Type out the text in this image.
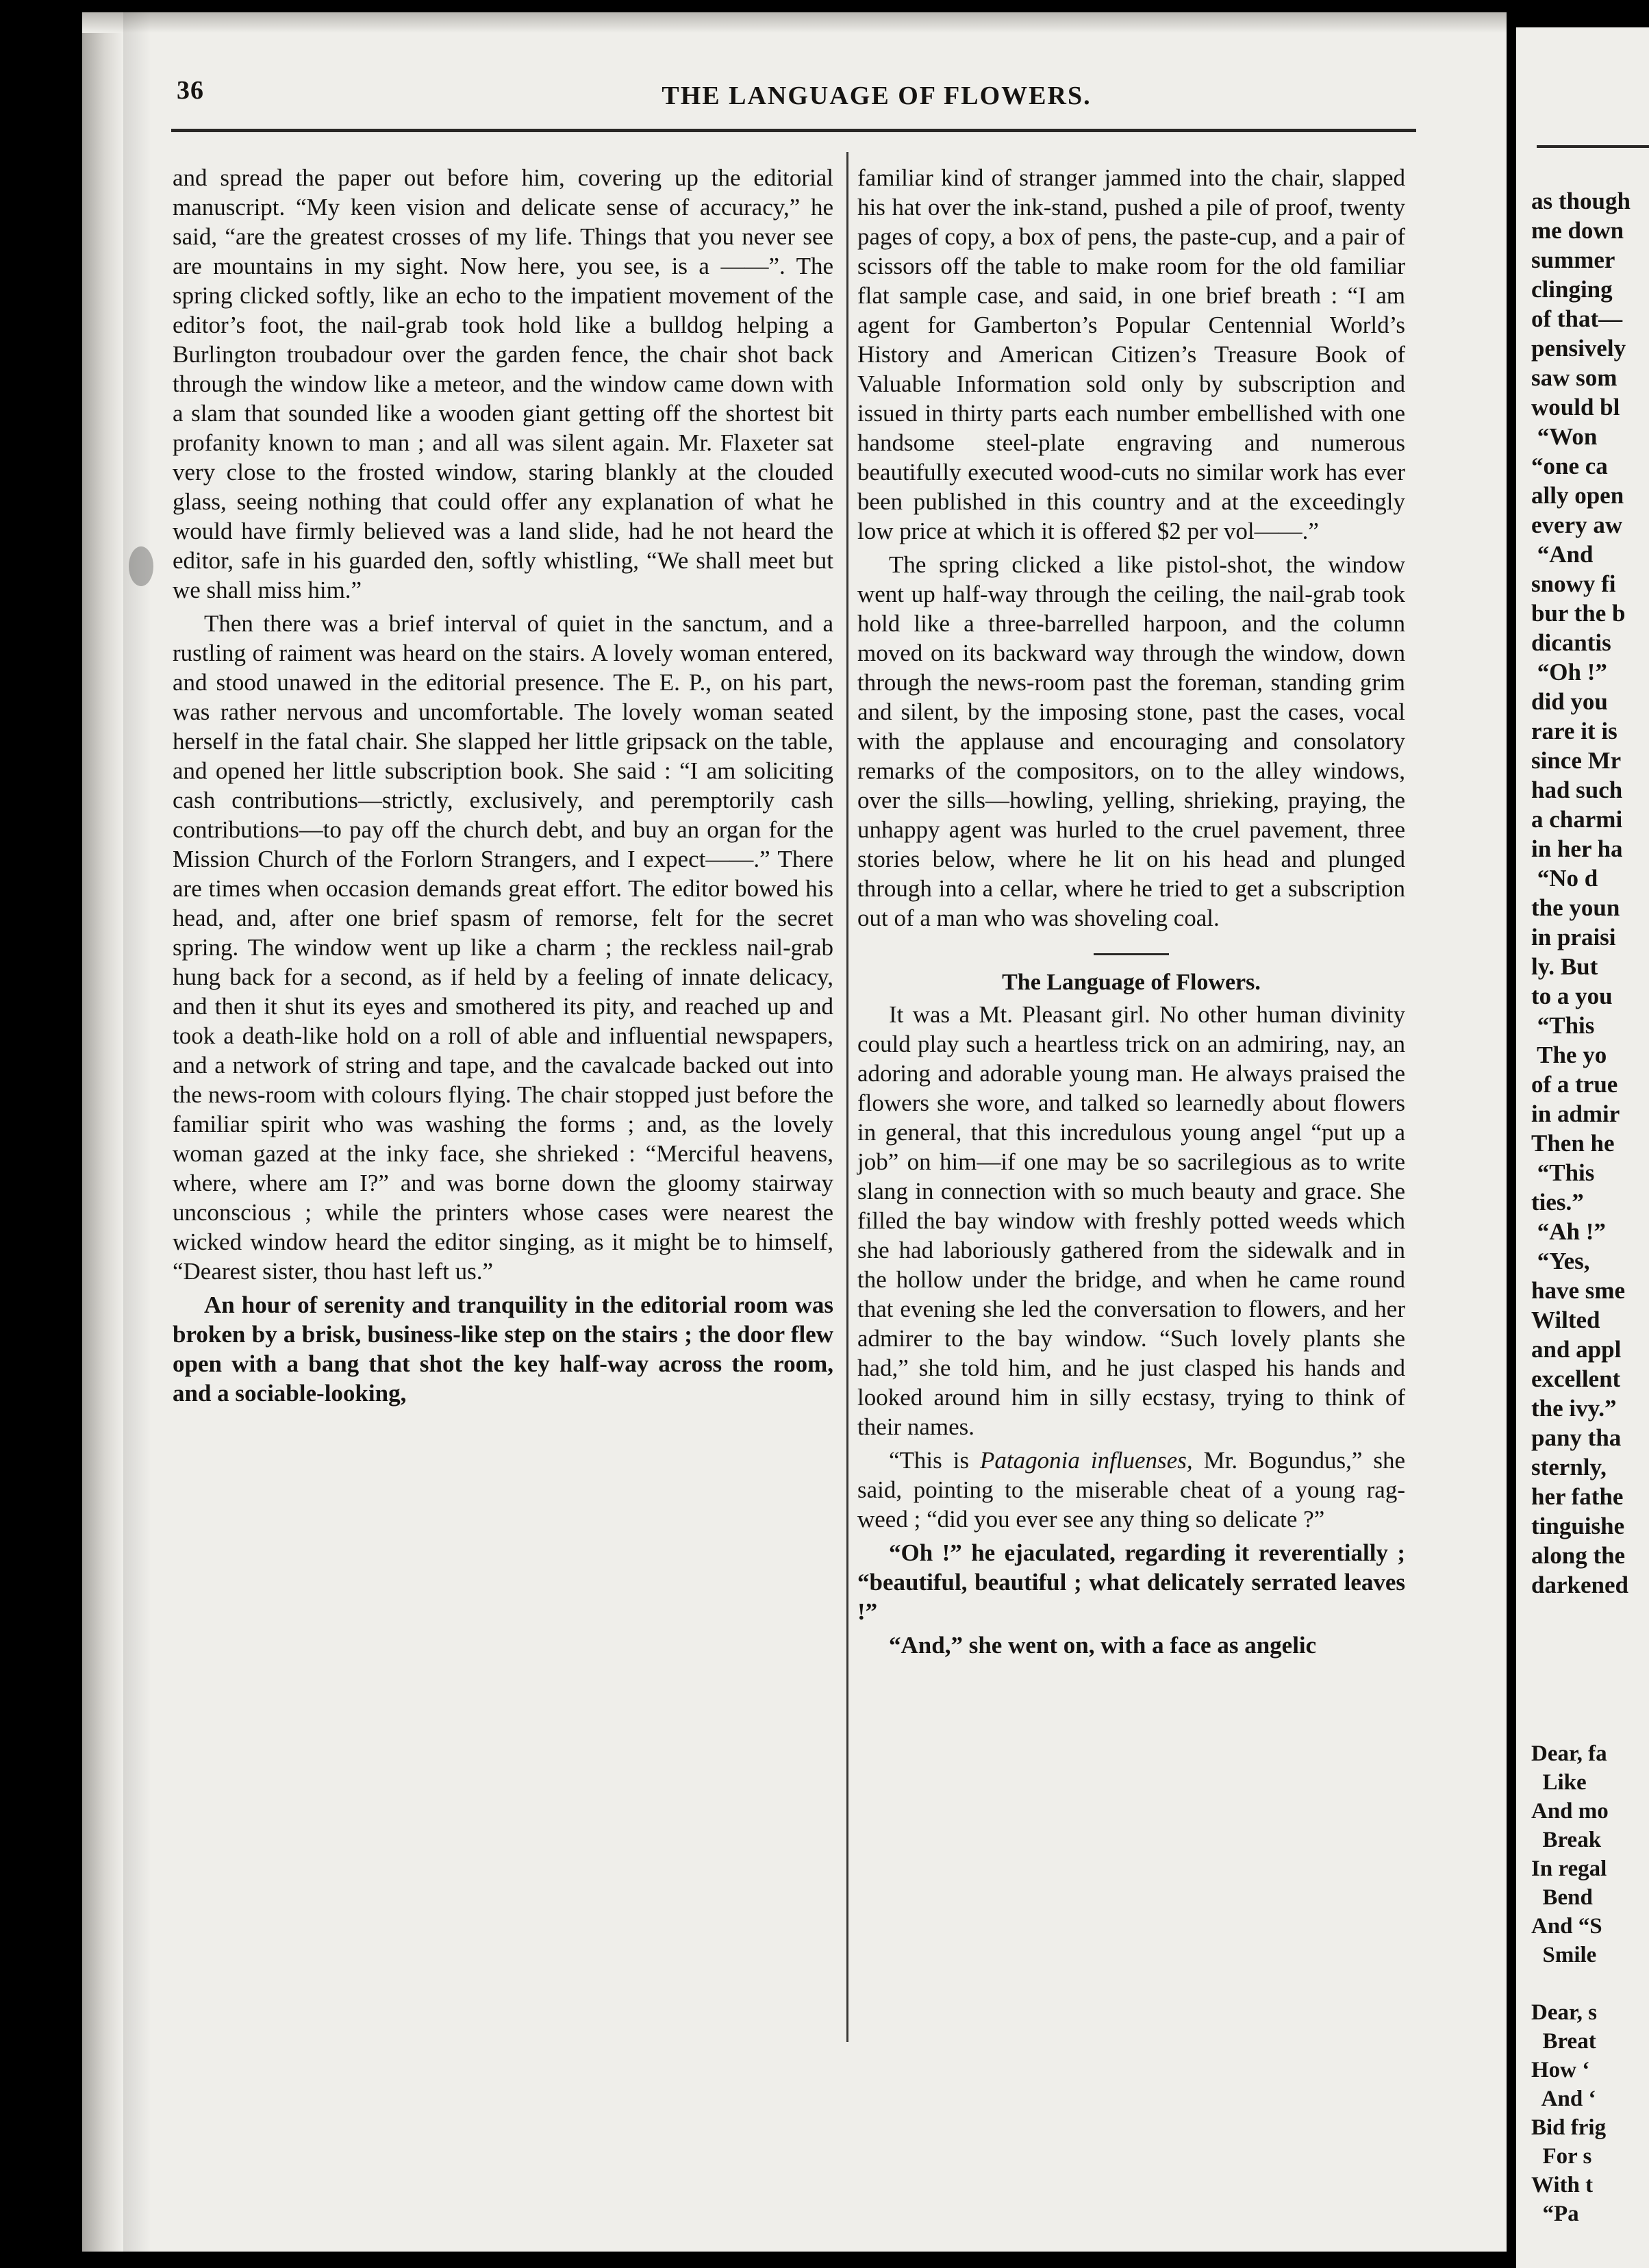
36	THE LANGUAGE OF FLOWERS.

and spread the paper out before him, covering up the editorial manuscript. “My keen vision and delicate sense of accuracy,” he said, “are the greatest crosses of my life. Things that you never see are mountains in my sight. Now here, you see, is a ——”. The spring clicked softly, like an echo to the impatient movement of the editor’s foot, the nail-grab took hold like a bulldog helping a Burlington troubadour over the garden fence, the chair shot back through the window like a meteor, and the window came down with a slam that sounded like a wooden giant getting off the shortest bit profanity known to man ; and all was silent again. Mr. Flaxeter sat very close to the frosted window, staring blankly at the clouded glass, seeing nothing that could offer any explanation of what he would have firmly believed was a land slide, had he not heard the editor, safe in his guarded den, softly whistling, “We shall meet but we shall miss him.”

Then there was a brief interval of quiet in the sanctum, and a rustling of raiment was heard on the stairs. A lovely woman entered, and stood unawed in the editorial presence. The E. P., on his part, was rather nervous and uncomfortable. The lovely woman seated herself in the fatal chair. She slapped her little gripsack on the table, and opened her little subscription book. She said : “I am soliciting cash contributions—strictly, exclusively, and peremptorily cash contributions—to pay off the church debt, and buy an organ for the Mission Church of the Forlorn Strangers, and I expect——.” There are times when occasion demands great effort. The editor bowed his head, and, after one brief spasm of remorse, felt for the secret spring. The window went up like a charm ; the reckless nail-grab hung back for a second, as if held by a feeling of innate delicacy, and then it shut its eyes and smothered its pity, and reached up and took a death-like hold on a roll of able and influential newspapers, and a network of string and tape, and the cavalcade backed out into the news-room with colours flying. The chair stopped just before the familiar spirit who was washing the forms ; and, as the lovely woman gazed at the inky face, she shrieked : “Merciful heavens, where, where am I?” and was borne down the gloomy stairway unconscious ; while the printers whose cases were nearest the wicked window heard the editor singing, as it might be to himself, “Dearest sister, thou hast left us.”

An hour of serenity and tranquility in the editorial room was broken by a brisk, business-like step on the stairs ; the door flew open with a bang that shot the key half-way across the room, and a sociable-looking,

familiar kind of stranger jammed into the chair, slapped his hat over the ink-stand, pushed a pile of proof, twenty pages of copy, a box of pens, the paste-cup, and a pair of scissors off the table to make room for the old familiar flat sample case, and said, in one brief breath : “I am agent for Gamberton’s Popular Centennial World’s History and American Citizen’s Treasure Book of Valuable Information sold only by subscription and issued in thirty parts each number embellished with one handsome steel-plate engraving and numerous beautifully executed wood-cuts no similar work has ever been published in this country and at the exceedingly low price at which it is offered $2 per vol——.”

The spring clicked a like pistol-shot, the window went up half-way through the ceiling, the nail-grab took hold like a three-barrelled harpoon, and the column moved on its backward way through the window, down through the news-room past the foreman, standing grim and silent, by the imposing stone, past the cases, vocal with the applause and encouraging and consolatory remarks of the compositors, on to the alley windows, over the sills—howling, yelling, shrieking, praying, the unhappy agent was hurled to the cruel pavement, three stories below, where he lit on his head and plunged through into a cellar, where he tried to get a subscription out of a man who was shoveling coal.

The Language of Flowers.

It was a Mt. Pleasant girl. No other human divinity could play such a heartless trick on an admiring, nay, an adoring and adorable young man. He always praised the flowers she wore, and talked so learnedly about flowers in general, that this incredulous young angel “put up a job” on him—if one may be so sacrilegious as to write slang in connection with so much beauty and grace. She filled the bay window with freshly potted weeds which she had laboriously gathered from the sidewalk and in the hollow under the bridge, and when he came round that evening she led the conversation to flowers, and her admirer to the bay window. “Such lovely plants she had,” she told him, and he just clasped his hands and looked around him in silly ecstasy, trying to think of their names.

“This is Patagonia influenses, Mr. Bogundus,” she said, pointing to the miserable cheat of a young rag-weed ; “did you ever see any thing so delicate ?”

“Oh !” he ejaculated, regarding it reverentially ; “beautiful, beautiful ; what delicately serrated leaves !”

“And,” she went on, with a face as angelic

as though
me down
summer
clinging
of that—
pensively
saw som
would bl
“Won
“one ca
ally open
every aw
“And
snowy fi
bur the b
dicantis
“Oh !”
did you
rare it is
since Mr
had such
a charmi
in her ha
“No d
the youn
in praisi
ly. But
to a you
“This
The yo
of a true
in admir
Then he
“This
ties.”
“Ah !”
“Yes,
have sme
Wilted
and appl
excellent
the ivy.”
pany tha
sternly,
her fathe
tinguishe
along the
darkened
Dear, fa
Like
And mo
Break
In regal
Bend
And “S
Smile

Dear, s
Breat
How ‘
And ‘
Bid frig
For s
With t
“Pa
